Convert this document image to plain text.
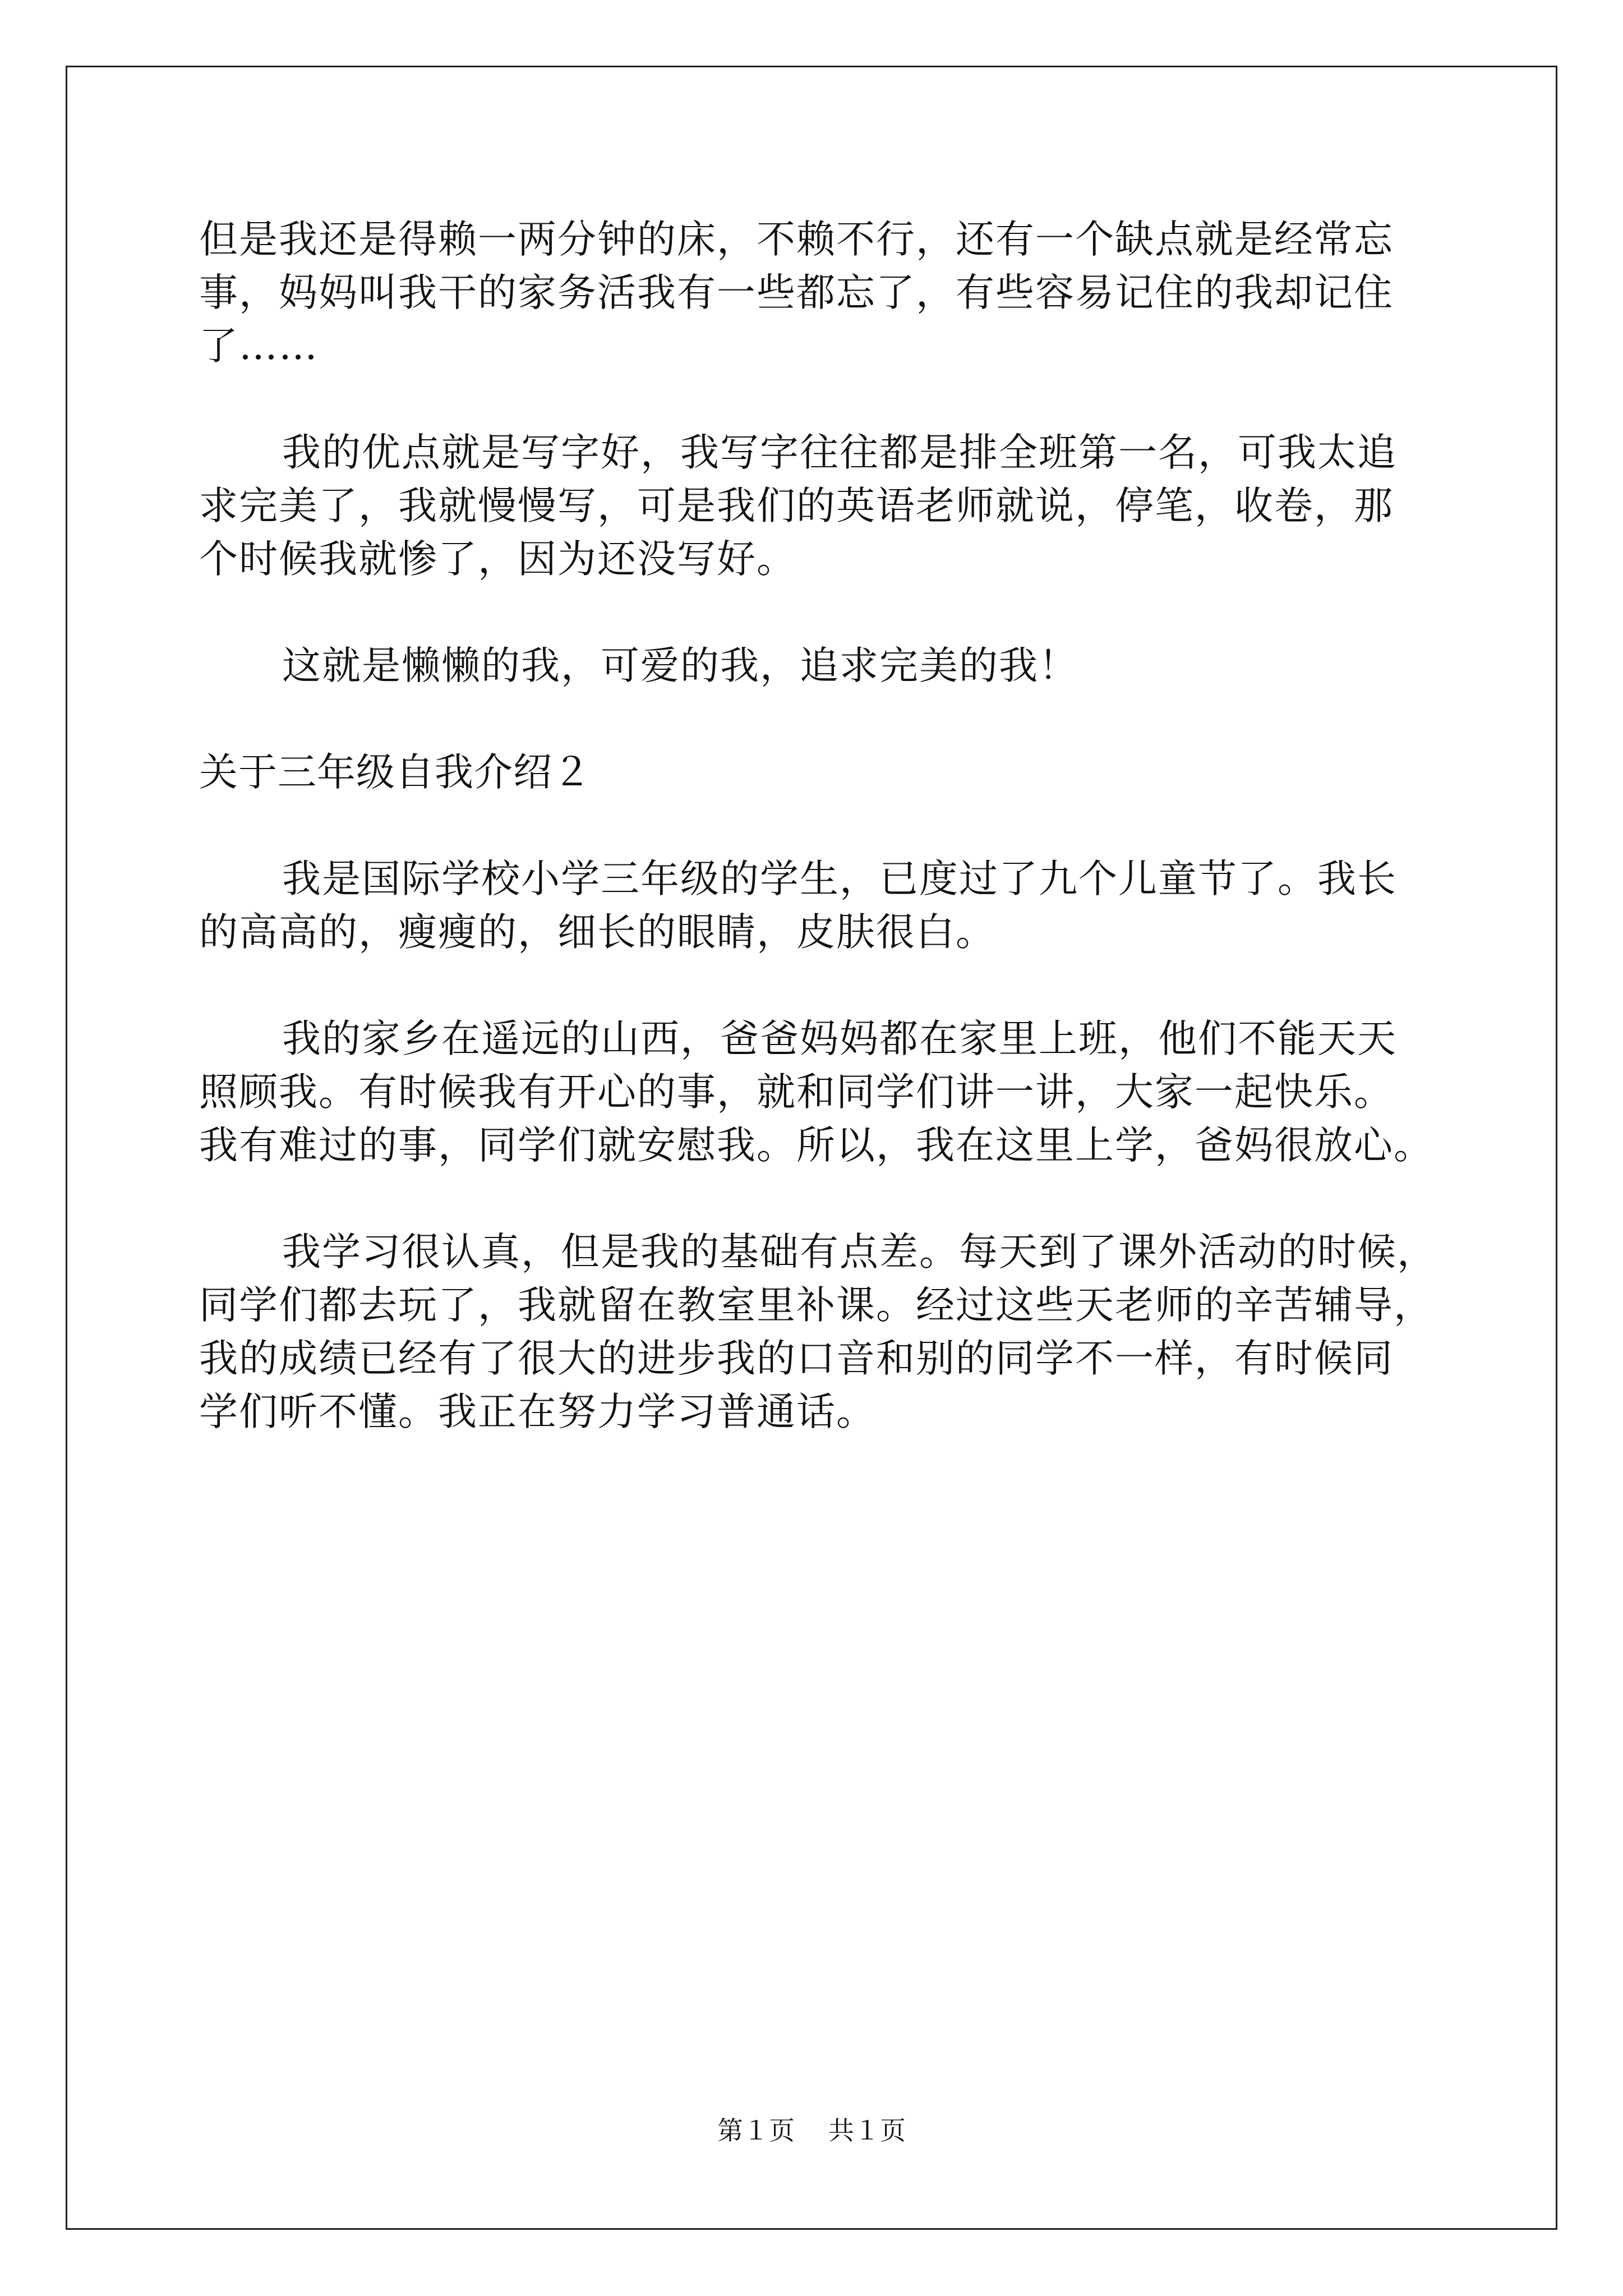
但是我还是得赖一两分钟的床，不赖不行，还有一个缺点就是经常忘
事，妈妈叫我干的家务活我有一些都忘了，有些容易记住的我却记住
了……
我的优点就是写字好，我写字往往都是排全班第一名，可我太追
求完美了，我就慢慢写，可是我们的英语老师就说，停笔，收卷，那
个时候我就惨了，因为还没写好。
这就是懒懒的我，可爱的我，追求完美的我！
关于三年级自我介绍２
我是国际学校小学三年级的学生，已度过了九个儿童节了。我长
的高高的，瘦瘦的，细长的眼睛，皮肤很白。
我的家乡在遥远的山西，爸爸妈妈都在家里上班，他们不能天天
照顾我。有时候我有开心的事，就和同学们讲一讲，大家一起快乐。
我有难过的事，同学们就安慰我。所以，我在这里上学，爸妈很放心。
我学习很认真，但是我的基础有点差。每天到了课外活动的时候，
同学们都去玩了，我就留在教室里补课。经过这些天老师的辛苦辅导，
我的成绩已经有了很大的进步我的口音和别的同学不一样，有时候同
学们听不懂。我正在努力学习普通话。
第１页 共１页
